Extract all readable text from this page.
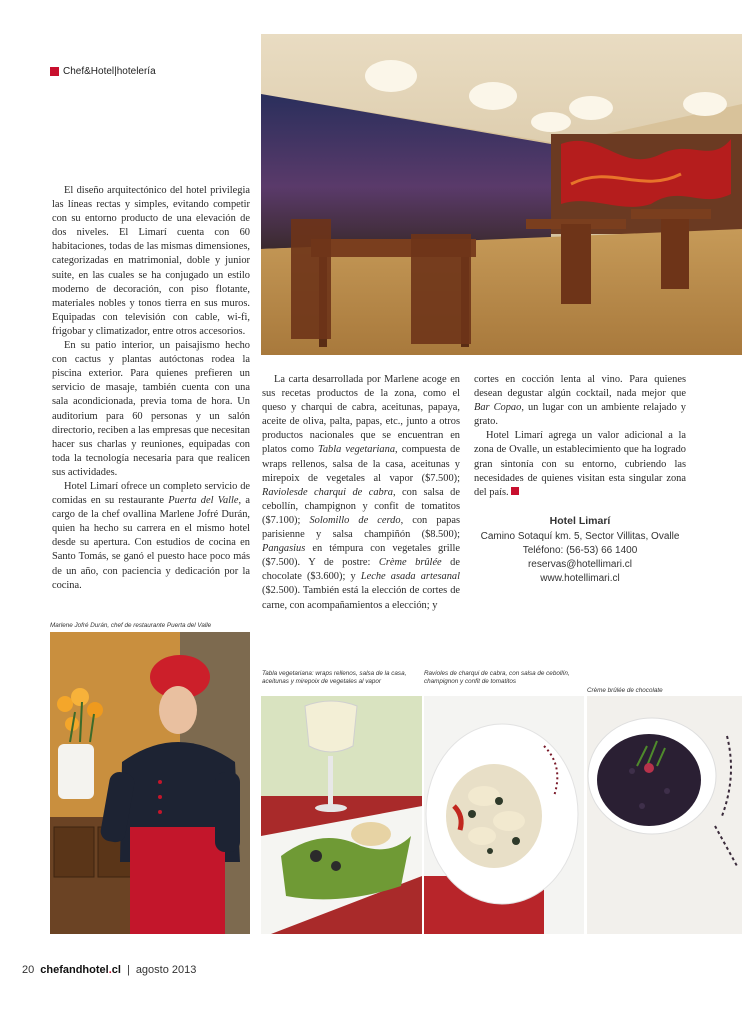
Chef&Hotel|hotelería

El diseño arquitectónico del hotel privilegia las líneas rectas y simples, evitando competir con su entorno producto de una elevación de dos niveles. El Limarí cuenta con 60 habitaciones, todas de las mismas dimensiones, categorizadas en matrimonial, doble y junior suite, en las cuales se ha conjugado un estilo moderno de decoración, con piso flotante, materiales nobles y tonos tierra en sus muros. Equipadas con televisión con cable, wi-fi, frigobar y climatizador, entre otros accesorios.

En su patio interior, un paisajismo hecho con cactus y plantas autóctonas rodea la piscina exterior. Para quienes prefieren un servicio de masaje, también cuenta con una sala acondicionada, previa toma de hora. Un auditorium para 60 personas y un salón directorio, reciben a las empresas que necesitan hacer sus charlas y reuniones, equipadas con toda la tecnología necesaria para que realicen sus actividades.

Hotel Limarí ofrece un completo servicio de comidas en su restaurante Puerta del Valle, a cargo de la chef ovallina Marlene Jofré Durán, quien ha hecho su carrera en el mismo hotel desde su apertura. Con estudios de cocina en Santo Tomás, se ganó el puesto hace poco más de un año, con paciencia y dedicación por la cocina.

La carta desarrollada por Marlene acoge en sus recetas productos de la zona, como el queso y charqui de cabra, aceitunas, papaya, aceite de oliva, palta, papas, etc., junto a otros productos nacionales que se encuentran en platos como Tabla vegetariana, compuesta de wraps rellenos, salsa de la casa, aceitunas y mirepoix de vegetales al vapor ($7.500); Raviolesde charqui de cabra, con salsa de cebollín, champignon y confit de tomatitos ($7.100); Solomillo de cerdo, con papas parisienne y salsa champiñón ($8.500); Pangasius en témpura con vegetales grille ($7.500). Y de postre: Crème brûlée de chocolate ($3.600); y Leche asada artesanal ($2.500). También está la elección de cortes de carne, con acompañamientos a elección; y

cortes en cocción lenta al vino. Para quienes desean degustar algún cocktail, nada mejor que Bar Copao, un lugar con un ambiente relajado y grato.

Hotel Limarí agrega un valor adicional a la zona de Ovalle, un establecimiento que ha logrado gran sintonía con su entorno, cubriendo las necesidades de quienes visitan esta singular zona del país.

Hotel Limarí
Camino Sotaquí km. 5, Sector Villitas, Ovalle
Teléfono: (56-53) 66 1400
reservas@hotellimari.cl
www.hotellimari.cl
Marlene Jofré Durán, chef de restaurante Puerta del Valle
Tabla vegetariana: wraps rellenos, salsa de la casa, aceitunas y mirepoix de vegetales al vapor
Ravioles de charqui de cabra, con salsa de cebollín, champignon y confit de tomatitos
Crème brûlée de chocolate
20 chefandhotel.cl | agosto 2013
